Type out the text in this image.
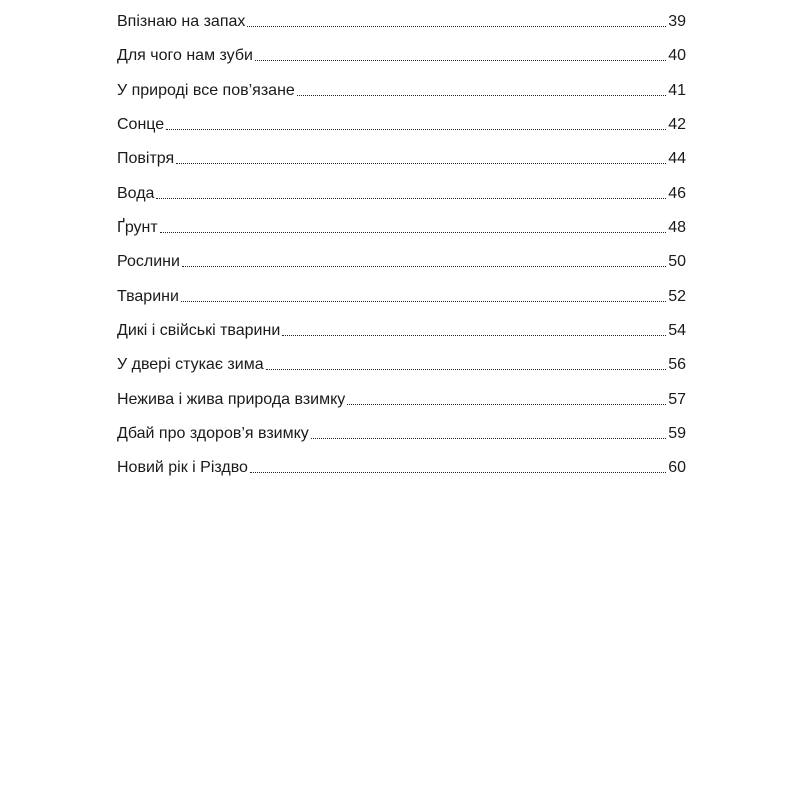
Впізнаю на запах	39
Для чого нам зуби	40
У природі все пов’язане	41
Сонце	42
Повітря	44
Вода	46
Ґрунт	48
Рослини	50
Тварини	52
Дикі і свійські тварини	54
У двері стукає зима	56
Нежива і жива природа взимку	57
Дбай про здоров’я взимку	59
Новий рік і Різдво	60
